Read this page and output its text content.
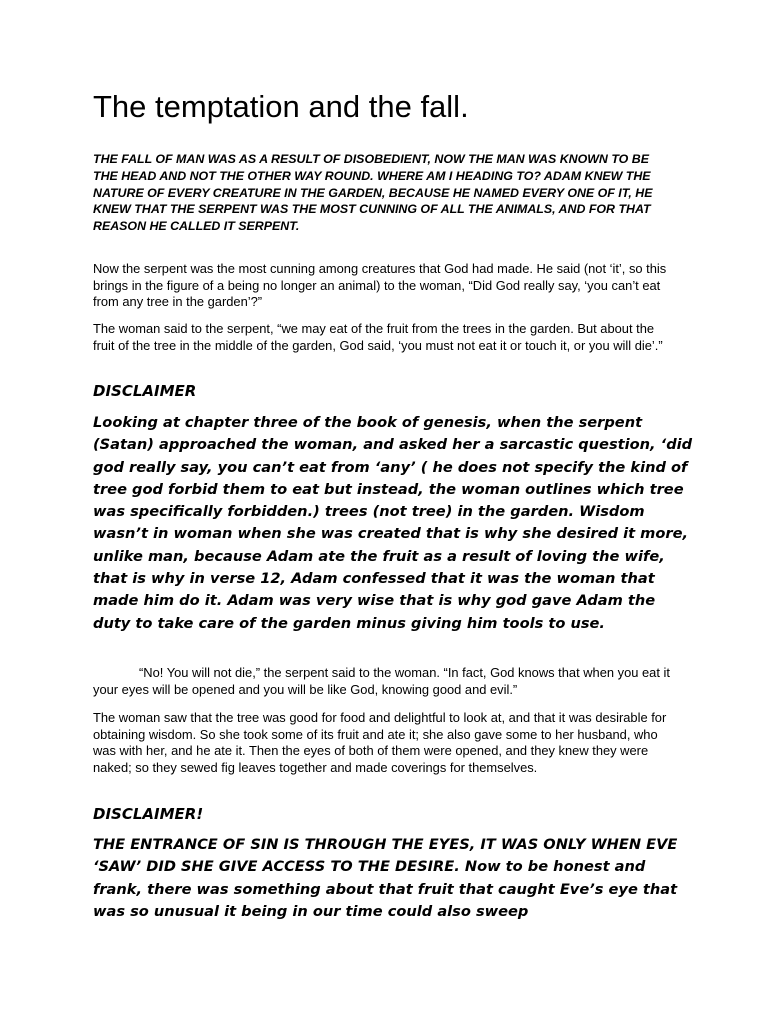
The temptation and the fall.

THE FALL OF MAN WAS AS A RESULT OF DISOBEDIENT, NOW THE MAN WAS KNOWN TO BE THE HEAD AND NOT THE OTHER WAY ROUND. WHERE AM I HEADING TO? ADAM KNEW THE NATURE OF EVERY CREATURE IN THE GARDEN, BECAUSE HE NAMED EVERY ONE OF IT, HE KNEW THAT THE SERPENT WAS THE MOST CUNNING OF ALL THE ANIMALS, AND FOR THAT REASON HE CALLED IT SERPENT.

Now the serpent was the most cunning among creatures that God had made. He said (not ‘it’, so this brings in the figure of a being no longer an animal) to the woman, “Did God really say, ‘you can’t eat from any tree in the garden’?”

The woman said to the serpent, “we may eat of the fruit from the trees in the garden. But about the fruit of the tree in the middle of the garden, God said, ‘you must not eat it or touch it, or you will die’.”

DISCLAIMER

Looking at chapter three of the book of genesis, when the serpent (Satan) approached the woman, and asked her a sarcastic question, ‘did god really say, you can’t eat from ‘any’ ( he does not specify the kind of tree god forbid them to eat but instead, the woman outlines which tree was specifically forbidden.) trees (not tree) in the garden. Wisdom wasn’t in woman when she was created that is why she desired it more, unlike man, because Adam ate the fruit as a result of loving the wife, that is why in verse 12, Adam confessed that it was the woman that made him do it. Adam was very wise that is why god gave Adam the duty to take care of the garden minus giving him tools to use.

“No! You will not die,” the serpent said to the woman. “In fact, God knows that when you eat it your eyes will be opened and you will be like God, knowing good and evil.”

The woman saw that the tree was good for food and delightful to look at, and that it was desirable for obtaining wisdom. So she took some of its fruit and ate it; she also gave some to her husband, who was with her, and he ate it. Then the eyes of both of them were opened, and they knew they were naked; so they sewed fig leaves together and made coverings for themselves.

DISCLAIMER!

THE ENTRANCE OF SIN IS THROUGH THE EYES, IT WAS ONLY WHEN EVE ‘SAW’ DID SHE GIVE ACCESS TO THE DESIRE. Now to be honest and frank, there was something about that fruit that caught Eve’s eye that was so unusual it being in our time could also sweep
